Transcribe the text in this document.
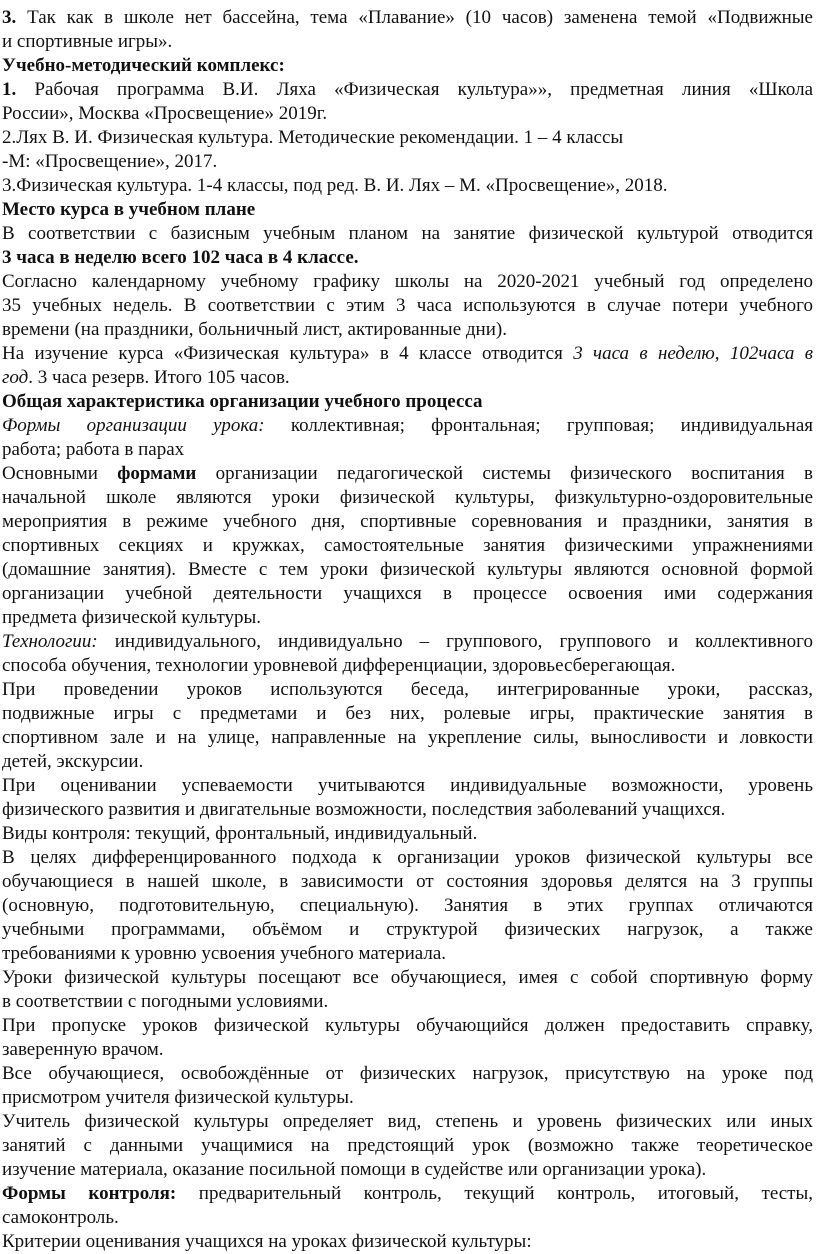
3. Так как в школе нет бассейна, тема «Плавание» (10 часов) заменена темой «Подвижные
и спортивные игры».
Учебно-методический комплекс:
1. Рабочая программа В.И. Ляха «Физическая культура»», предметная линия «Школа
России», Москва «Просвещение» 2019г.
2.Лях В. И. Физическая культура. Методические рекомендации. 1 – 4 классы
-М: «Просвещение», 2017.
3.Физическая культура. 1-4 классы, под ред. В. И. Лях – М. «Просвещение», 2018.
Место курса в учебном плане
В соответствии с базисным учебным планом на занятие физической культурой отводится
3 часа в неделю всего 102 часа в 4 классе.
Согласно календарному учебному графику школы на 2020-2021 учебный год определено
35 учебных недель. В соответствии с этим 3 часа используются в случае потери учебного
времени (на праздники, больничный лист, актированные дни).
На изучение курса «Физическая культура» в 4 классе отводится 3 часа в неделю, 102часа в
год. 3 часа резерв. Итого 105 часов.
Общая характеристика организации учебного процесса
Формы организации урока: коллективная; фронтальная; групповая; индивидуальная
работа; работа в парах
Основными формами организации педагогической системы физического воспитания в
начальной школе являются уроки физической культуры, физкультурно-оздоровительные
мероприятия в режиме учебного дня, спортивные соревнования и праздники, занятия в
спортивных секциях и кружках, самостоятельные занятия физическими упражнениями
(домашние занятия). Вместе с тем уроки физической культуры являются основной формой
организации учебной деятельности учащихся в процессе освоения ими содержания
предмета физической культуры.
Технологии: индивидуального, индивидуально – группового, группового и коллективного
способа обучения, технологии уровневой дифференциации, здоровьесберегающая.
При проведении уроков используются беседа, интегрированные уроки, рассказ,
подвижные игры с предметами и без них, ролевые игры, практические занятия в
спортивном зале и на улице, направленные на укрепление силы, выносливости и ловкости
детей, экскурсии.
При оценивании успеваемости учитываются индивидуальные возможности, уровень
физического развития и двигательные возможности, последствия заболеваний учащихся.
Виды контроля: текущий, фронтальный, индивидуальный.
В целях дифференцированного подхода к организации уроков физической культуры все
обучающиеся в нашей школе, в зависимости от состояния здоровья делятся на 3 группы
(основную, подготовительную, специальную). Занятия в этих группах отличаются
учебными программами, объёмом и структурой физических нагрузок, а также
требованиями к уровню усвоения учебного материала.
Уроки физической культуры посещают все обучающиеся, имея с собой спортивную форму
в соответствии с погодными условиями.
При пропуске уроков физической культуры обучающийся должен предоставить справку,
заверенную врачом.
Все обучающиеся, освобождённые от физических нагрузок, присутствую на уроке под
присмотром учителя физической культуры.
Учитель физической культуры определяет вид, степень и уровень физических или иных
занятий с данными учащимися на предстоящий урок (возможно также теоретическое
изучение материала, оказание посильной помощи в судействе или организации урока).
Формы контроля: предварительный контроль, текущий контроль, итоговый, тесты,
самоконтроль.
Критерии оценивания учащихся на уроках физической культуры:
